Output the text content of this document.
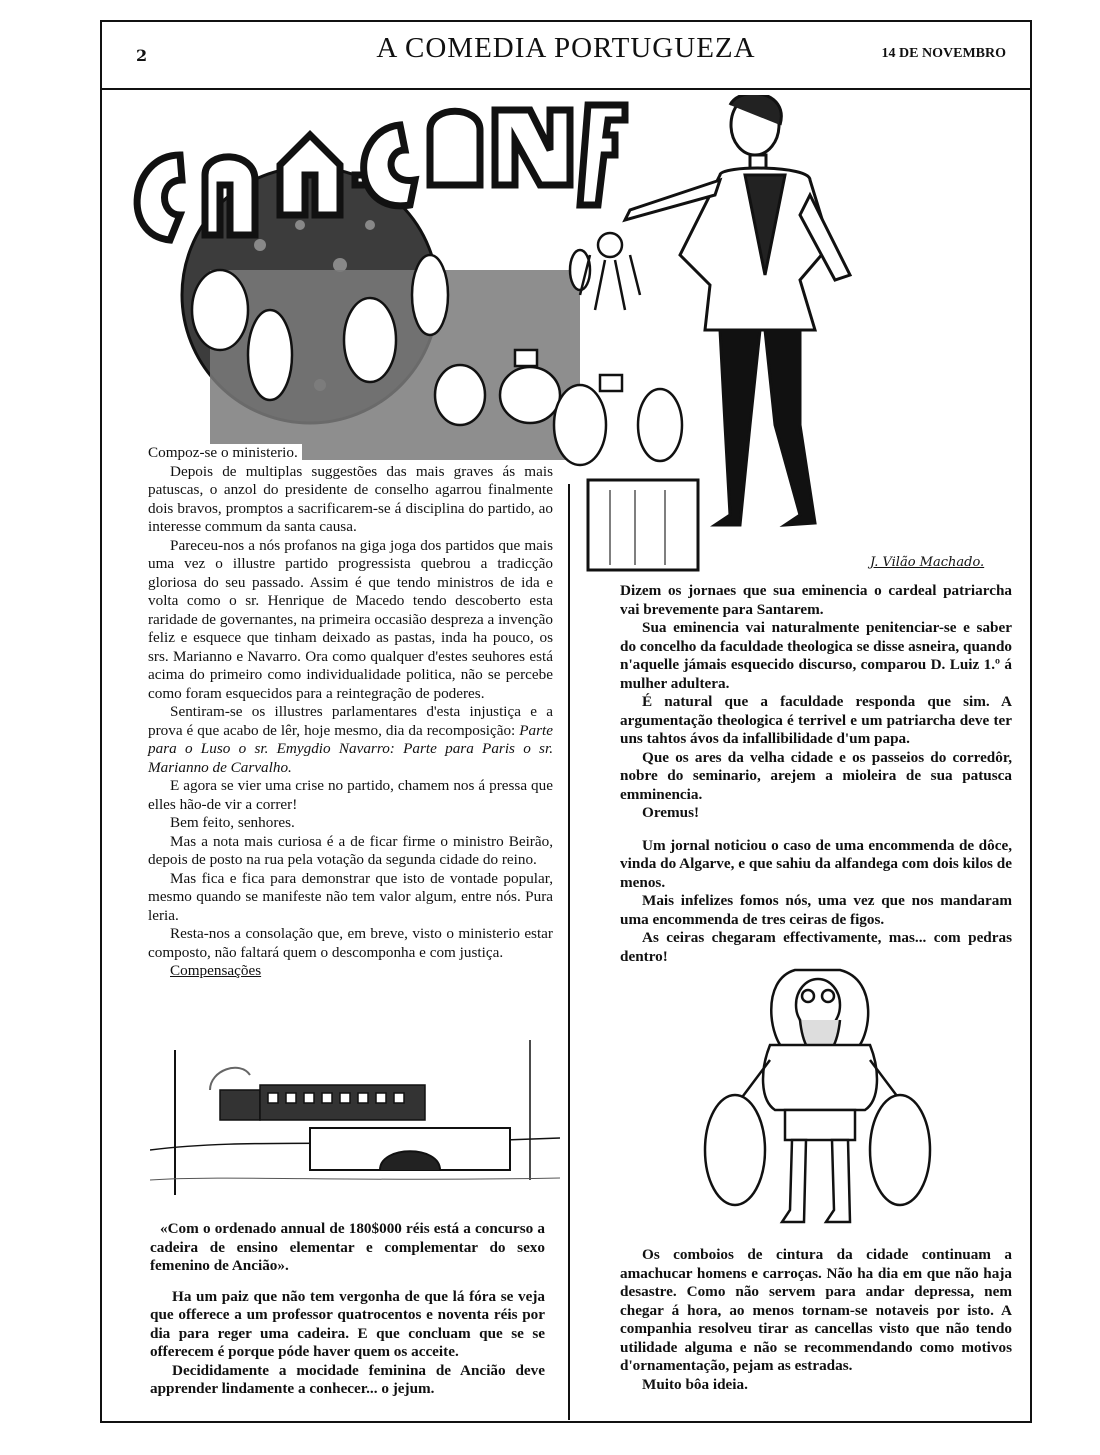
2	A COMEDIA PORTUGUEZA	14 DE NOVEMBRO
J. Vilão Machado.

Compoz-se o ministerio.

Depois de multiplas suggestões das mais graves ás mais patuscas, o anzol do presidente de conselho agarrou finalmente dois bravos, promptos a sacrificarem-se á disciplina do partido, ao interesse commum da santa causa.

Pareceu-nos a nós profanos na giga joga dos partidos que mais uma vez o illustre partido progressista quebrou a tradicção gloriosa do seu passado. Assim é que tendo ministros de ida e volta como o sr. Henrique de Macedo tendo descoberto esta raridade de governantes, na primeira occasião despreza a invenção feliz e esquece que tinham deixado as pastas, inda ha pouco, os srs. Marianno e Navarro. Ora como qualquer d'estes seuhores está acima do primeiro como individualidade politica, não se percebe como foram esquecidos para a reintegração de poderes.

Sentiram-se os illustres parlamentares d'esta injustiça e a prova é que acabo de lêr, hoje mesmo, dia da recomposição: Parte para o Luso o sr. Emygdio Navarro: Parte para Paris o sr. Marianno de Carvalho.

E agora se vier uma crise no partido, chamem nos á pressa que elles hão-de vir a correr!

Bem feito, senhores.

Mas a nota mais curiosa é a de ficar firme o ministro Beirão, depois de posto na rua pela votação da segunda cidade do reino.

Mas fica e fica para demonstrar que isto de vontade popular, mesmo quando se manifeste não tem valor algum, entre nós. Pura leria.

Resta-nos a consolação que, em breve, visto o ministerio estar composto, não faltará quem o descomponha e com justiça.

Compensações

«Com o ordenado annual de 180$000 réis está a concurso a cadeira de ensino elementar e complementar do sexo femenino de Ancião».

Ha um paiz que não tem vergonha de que lá fóra se veja que offerece a um professor quatrocentos e noventa réis por dia para reger uma cadeira. E que concluam que se se offerecem é porque póde haver quem os acceite.

Decididamente a mocidade feminina de Ancião deve apprender lindamente a conhecer... o jejum.

Dizem os jornaes que sua eminencia o cardeal patriarcha vai brevemente para Santarem.

Sua eminencia vai naturalmente penitenciar-se e saber do concelho da faculdade theologica se disse asneira, quando n'aquelle jámais esquecido discurso, comparou D. Luiz 1.º á mulher adultera.

É natural que a faculdade responda que sim. A argumentação theologica é terrivel e um patriarcha deve ter uns tahtos ávos da infallibilidade d'um papa.

Que os ares da velha cidade e os passeios do corredôr, nobre do seminario, arejem a mioleira de sua patusca emminencia.

Oremus!

Um jornal noticiou o caso de uma encommenda de dôce, vinda do Algarve, e que sahiu da alfandega com dois kilos de menos.

Mais infelizes fomos nós, uma vez que nos mandaram uma encommenda de tres ceiras de figos.

As ceiras chegaram effectivamente, mas... com pedras dentro!

Os comboios de cintura da cidade continuam a amachucar homens e carroças. Não ha dia em que não haja desastre. Como não servem para andar depressa, nem chegar á hora, ao menos tornam-se notaveis por isto. A companhia resolveu tirar as cancellas visto que não tendo utilidade alguma e não se recommendando como motivos d'ornamentação, pejam as estradas.

Muito bôa ideia.
